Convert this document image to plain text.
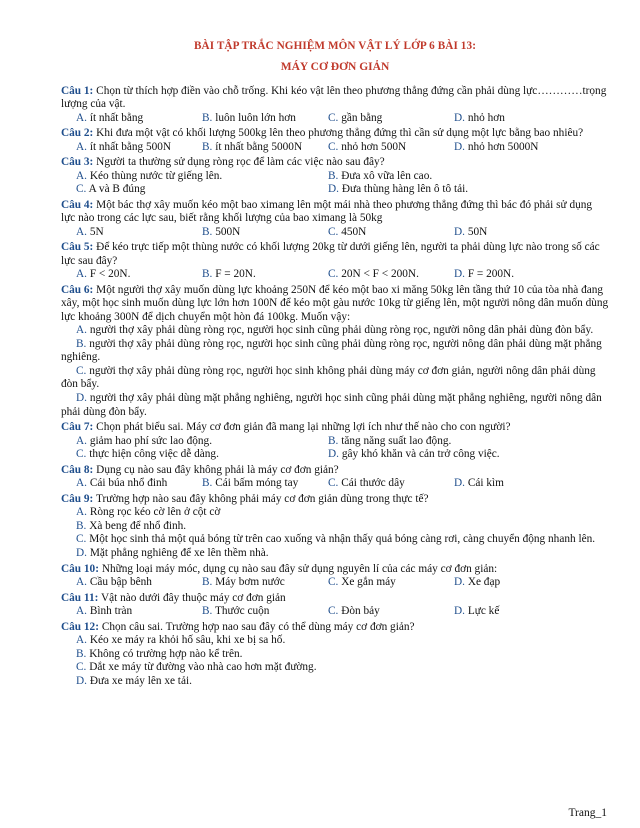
BÀI TẬP TRẮC NGHIỆM MÔN VẬT LÝ LỚP 6 BÀI 13:
MÁY CƠ ĐƠN GIẢN
Câu 1: Chọn từ thích hợp điền vào chỗ trống. Khi kéo vật lên theo phương thẳng đứng cần phải dùng lực…………trọng lượng của vật.
A. ít nhất bằng	B. luôn luôn lớn hơn	C. gần bằng	D. nhỏ hơn
Câu 2: Khi đưa một vật có khối lượng 500kg lên theo phương thẳng đứng thì cần sử dụng một lực bằng bao nhiêu?
A. ít nhất bằng 500N	B. ít nhất bằng 5000N	C. nhỏ hơn 500N	D. nhỏ hơn 5000N
Câu 3: Người ta thường sử dụng ròng rọc để làm các việc nào sau đây?
A. Kéo thùng nước từ giếng lên.	B. Đưa xô vữa lên cao.
C. A và B đúng	D. Đưa thùng hàng lên ô tô tải.
Câu 4: Một bác thợ xây muốn kéo một bao ximang lên một mái nhà theo phương thẳng đứng thì bác đó phải sử dụng lực nào trong các lực sau, biết rằng khối lượng của bao ximang là 50kg
A. 5N	B. 500N	C. 450N	D. 50N
Câu 5: Để kéo trực tiếp một thùng nước có khối lượng 20kg từ dưới giếng lên, người ta phải dùng lực nào trong số các lực sau đây?
A. F < 20N.	B. F = 20N.	C. 20N < F < 200N.	D. F = 200N.
Câu 6: Một người thợ xây muốn dùng lực khoảng 250N để kéo một bao xi măng 50kg lên tầng thứ 10 của tòa nhà đang xây, một học sinh muốn dùng lực lớn hơn 100N để kéo một gàu nước 10kg từ giếng lên, một người nông dân muốn dùng lực khoảng 300N để dịch chuyển một hòn đá 100kg. Muốn vậy:
A. người thợ xây phải dùng ròng rọc, người học sinh cũng phải dùng ròng rọc, người nông dân phải dùng đòn bẩy.
B. người thợ xây phải dùng ròng rọc, người học sinh cũng phải dùng ròng rọc, người nông dân phải dùng mặt phẳng nghiêng.
C. người thợ xây phải dùng ròng rọc, người học sinh không phải dùng máy cơ đơn giản, người nông dân phải dùng đòn bẩy.
D. người thợ xây phải dùng mặt phẳng nghiêng, người học sinh cũng phải dùng mặt phẳng nghiêng, người nông dân phải dùng đòn bẩy.
Câu 7: Chọn phát biểu sai. Máy cơ đơn giản đã mang lại những lợi ích như thế nào cho con người?
A. giảm hao phí sức lao động.	B. tăng năng suất lao động.
C. thực hiện công việc dễ dàng.	D. gây khó khăn và cản trở công việc.
Câu 8: Dụng cụ nào sau đây không phải là máy cơ đơn giản?
A. Cái búa nhổ đinh	B. Cái bấm móng tay	C. Cái thước dây	D. Cái kìm
Câu 9: Trường hợp nào sau đây không phải máy cơ đơn giản dùng trong thực tế?
A. Ròng rọc kéo cờ lên ở cột cờ
B. Xà beng để nhổ đinh.
C. Một học sinh thả một quả bóng từ trên cao xuống và nhận thấy quả bóng càng rơi, càng chuyển động nhanh lên.
D. Mặt phẳng nghiêng để xe lên thềm nhà.
Câu 10: Những loại máy móc, dụng cụ nào sau đây sử dụng nguyên lí của các máy cơ đơn giản:
A. Cầu bập bênh	B. Máy bơm nước	C. Xe gắn máy	D. Xe đạp
Câu 11: Vật nào dưới đây thuộc máy cơ đơn giản
A. Bình tràn	B. Thước cuộn	C. Đòn bảy	D. Lực kế
Câu 12: Chọn câu sai. Trường hợp nao sau đây có thể dùng máy cơ đơn giản?
A. Kéo xe máy ra khỏi hố sâu, khi xe bị sa hố.
B. Không có trường hợp nào kể trên.
C. Dắt xe máy từ đường vào nhà cao hơn mặt đường.
D. Đưa xe máy lên xe tải.
Trang_1
